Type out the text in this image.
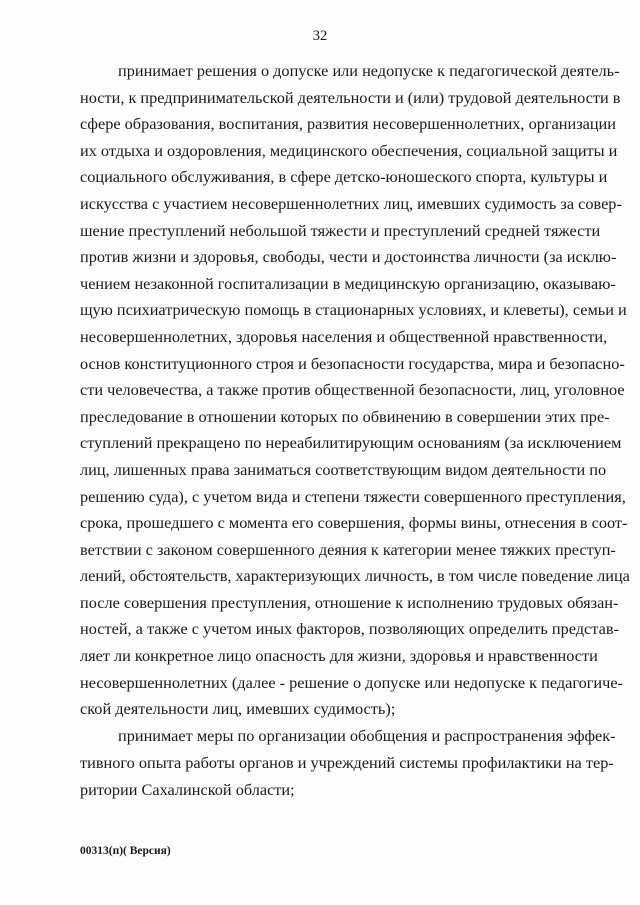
32
принимает решения о допуске или недопуске к педагогической деятель-
ности, к предпринимательской деятельности и (или) трудовой деятельности в
сфере образования, воспитания, развития несовершеннолетних, организации
их отдыха и оздоровления, медицинского обеспечения, социальной защиты и
социального обслуживания, в сфере детско-юношеского спорта, культуры и
искусства с участием несовершеннолетних лиц, имевших судимость за совер-
шение преступлений небольшой тяжести и преступлений средней тяжести
против жизни и здоровья, свободы, чести и достоинства личности (за исклю-
чением незаконной госпитализации в медицинскую организацию, оказываю-
щую психиатрическую помощь в стационарных условиях, и клеветы), семьи и
несовершеннолетних, здоровья населения и общественной нравственности,
основ конституционного строя и безопасности государства, мира и безопасно-
сти человечества, а также против общественной безопасности, лиц, уголовное
преследование в отношении которых по обвинению в совершении этих пре-
ступлений прекращено по нереабилитирующим основаниям (за исключением
лиц, лишенных права заниматься соответствующим видом деятельности по
решению суда), с учетом вида и степени тяжести совершенного преступления,
срока, прошедшего с момента его совершения, формы вины, отнесения в соот-
ветствии с законом совершенного деяния к категории менее тяжких преступ-
лений, обстоятельств, характеризующих личность, в том числе поведение лица
после совершения преступления, отношение к исполнению трудовых обязан-
ностей, а также с учетом иных факторов, позволяющих определить представ-
ляет ли конкретное лицо опасность для жизни, здоровья и нравственности
несовершеннолетних (далее - решение о допуске или недопуске к педагогиче-
ской деятельности лиц, имевших судимость);
принимает меры по организации обобщения и распространения эффек-
тивного опыта работы органов и учреждений системы профилактики на тер-
ритории Сахалинской области;
00313(п)( Версия)
